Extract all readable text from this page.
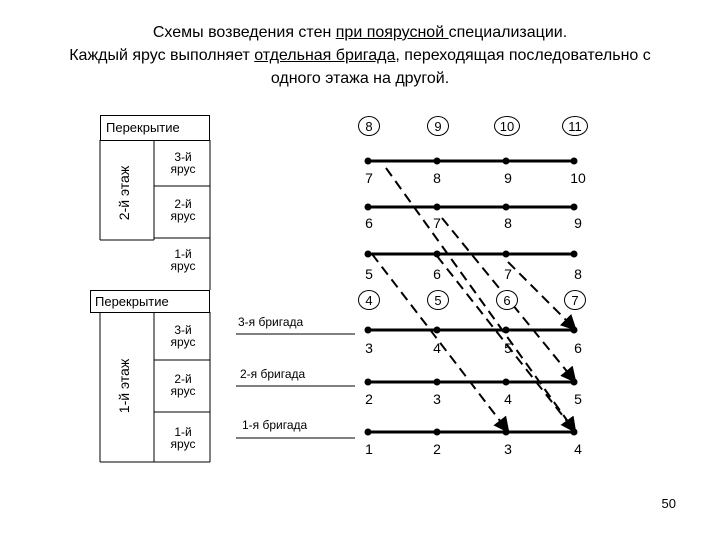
Схемы возведения стен при поярусной специализации.
Каждый ярус выполняет отдельная бригада, переходящая последовательно с
одного этажа на другой.
Перекрытие
2-й этаж
3-й
ярус
2-й
ярус
1-й
ярус
Перекрытие
1-й этаж
3-й
ярус
2-й
ярус
1-й
ярус
3-я бригада
2-я бригада
1-я бригада
8	9	10	11
7	8	9	10
6	7	8	9
5	6	7	8
4	5	6	7
3	4	5	6
2	3	4	5
1	2	3	4
50
